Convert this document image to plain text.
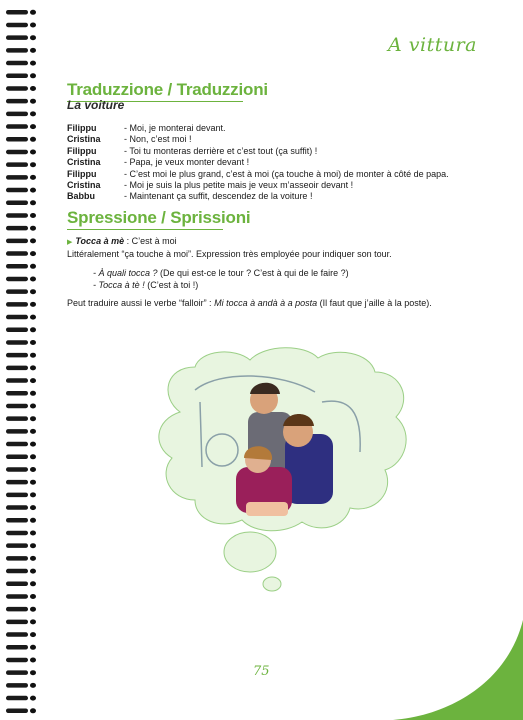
A vittura
Traduzzione / Traduzzioni
La voiture
Filippu	- Moi, je monterai devant.
Cristina	- Non, c’est moi !
Filippu	- Toi tu monteras derrière et c’est tout (ça suffit) !
Cristina	- Papa, je veux monter devant !
Filippu	- C’est moi le plus grand, c’est à moi (ça touche à moi) de monter à côté de papa.
Cristina	- Moi je suis la plus petite mais je veux m’asseoir devant !
Babbu	- Maintenant ça suffit, descendez de la voiture !
Spressione / Sprissioni
▶ Tocca à mè : C’est à moi
Littéralement “ça touche à moi”. Expression très employée pour indiquer son tour.
- À quali tocca ? (De qui est-ce le tour ? C’est à qui de le faire ?)
- Tocca à tè ! (C’est à toi !)
Peut traduire aussi le verbe “falloir” : Mi tocca à andà à a posta (Il faut que j’aille à la poste).
75
